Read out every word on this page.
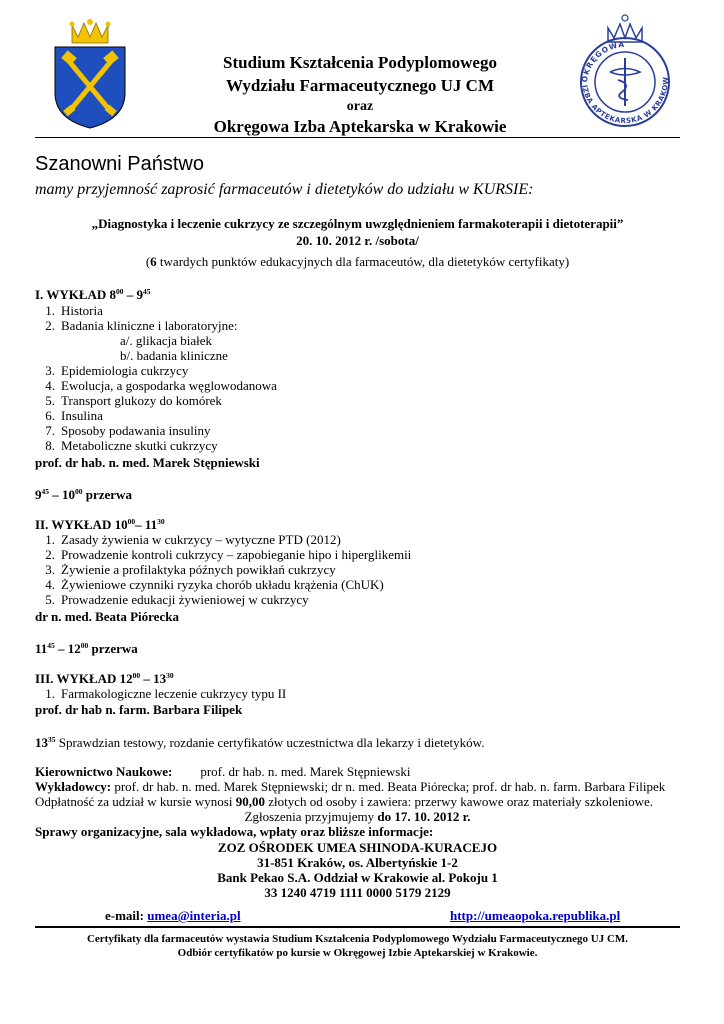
Studium Kształcenia Podyplomowego
Wydziału Farmaceutycznego UJ CM
oraz
Okręgowa Izba Aptekarska w Krakowie
OKRĘGOWA
IZBA APTEKARSKA W KRAKOW
Szanowni Państwo
mamy przyjemność zaprosić farmaceutów i dietetyków do udziału w KURSIE:
„Diagnostyka i leczenie cukrzycy ze szczególnym uwzględnieniem farmakoterapii i dietoterapii”
20. 10. 2012 r. /sobota/
(6 twardych punktów edukacyjnych dla farmaceutów, dla dietetyków certyfikaty)
I. WYKŁAD $8^{00} - 9^{45}$
1. Historia
2. Badania kliniczne i laboratoryjne:
a/. glikacja białek
b/. badania kliniczne
3. Epidemiologia cukrzycy
4. Ewolucja, a gospodarka węglowodanowa
5. Transport glukozy do komórek
6. Insulina
7. Sposoby podawania insuliny
8. Metaboliczne skutki cukrzycy
prof. dr hab. n. med. Marek Stępniewski
$9^{45} - 10^{00}$ przerwa
II. WYKŁAD $10^{00}-$ $11^{30}$
1. Zasady żywienia w cukrzycy – wytyczne PTD (2012)
2. Prowadzenie kontroli cukrzycy – zapobieganie hipo i hiperglikemii
3. Żywienie a profilaktyka późnych powikłań cukrzycy
4. Żywieniowe czynniki ryzyka chorób układu krążenia (ChUK)
5. Prowadzenie edukacji żywieniowej w cukrzycy
dr n. med. Beata Piórecka
$11^{45} - 12^{00}$ przerwa
III. WYKŁAD $12^{00} - 13^{30}$
1. Farmakologiczne leczenie cukrzycy typu II
prof. dr hab n. farm. Barbara Filipek
$13^{35}$ Sprawdzian testowy, rozdanie certyfikatów uczestnictwa dla lekarzy i dietetyków.
Kierownictwo Naukowe: prof. dr hab. n. med. Marek Stępniewski
Wykładowcy: prof. dr hab. n. med. Marek Stępniewski; dr n. med. Beata Piórecka; prof. dr hab. n. farm. Barbara Filipek
Odpłatność za udział w kursie wynosi 90,00 złotych od osoby i zawiera: przerwy kawowe oraz materiały szkoleniowe.
Zgłoszenia przyjmujemy do 17. 10. 2012 r.
Sprawy organizacyjne, sala wykładowa, wpłaty oraz bliższe informacje:
ZOZ OŚRODEK UMEA SHINODA-KURACEJO
31-851 Kraków, os. Albertyńskie 1-2
Bank Pekao S.A. Oddział w Krakowie al. Pokoju 1
33 1240 4719 1111 0000 5179 2129
e-mail: umea@interia.pl	http://umeaopoka.republika.pl
Certyfikaty dla farmaceutów wystawia Studium Kształcenia Podyplomowego Wydziału Farmaceutycznego UJ CM.
Odbiór certyfikatów po kursie w Okręgowej Izbie Aptekarskiej w Krakowie.
